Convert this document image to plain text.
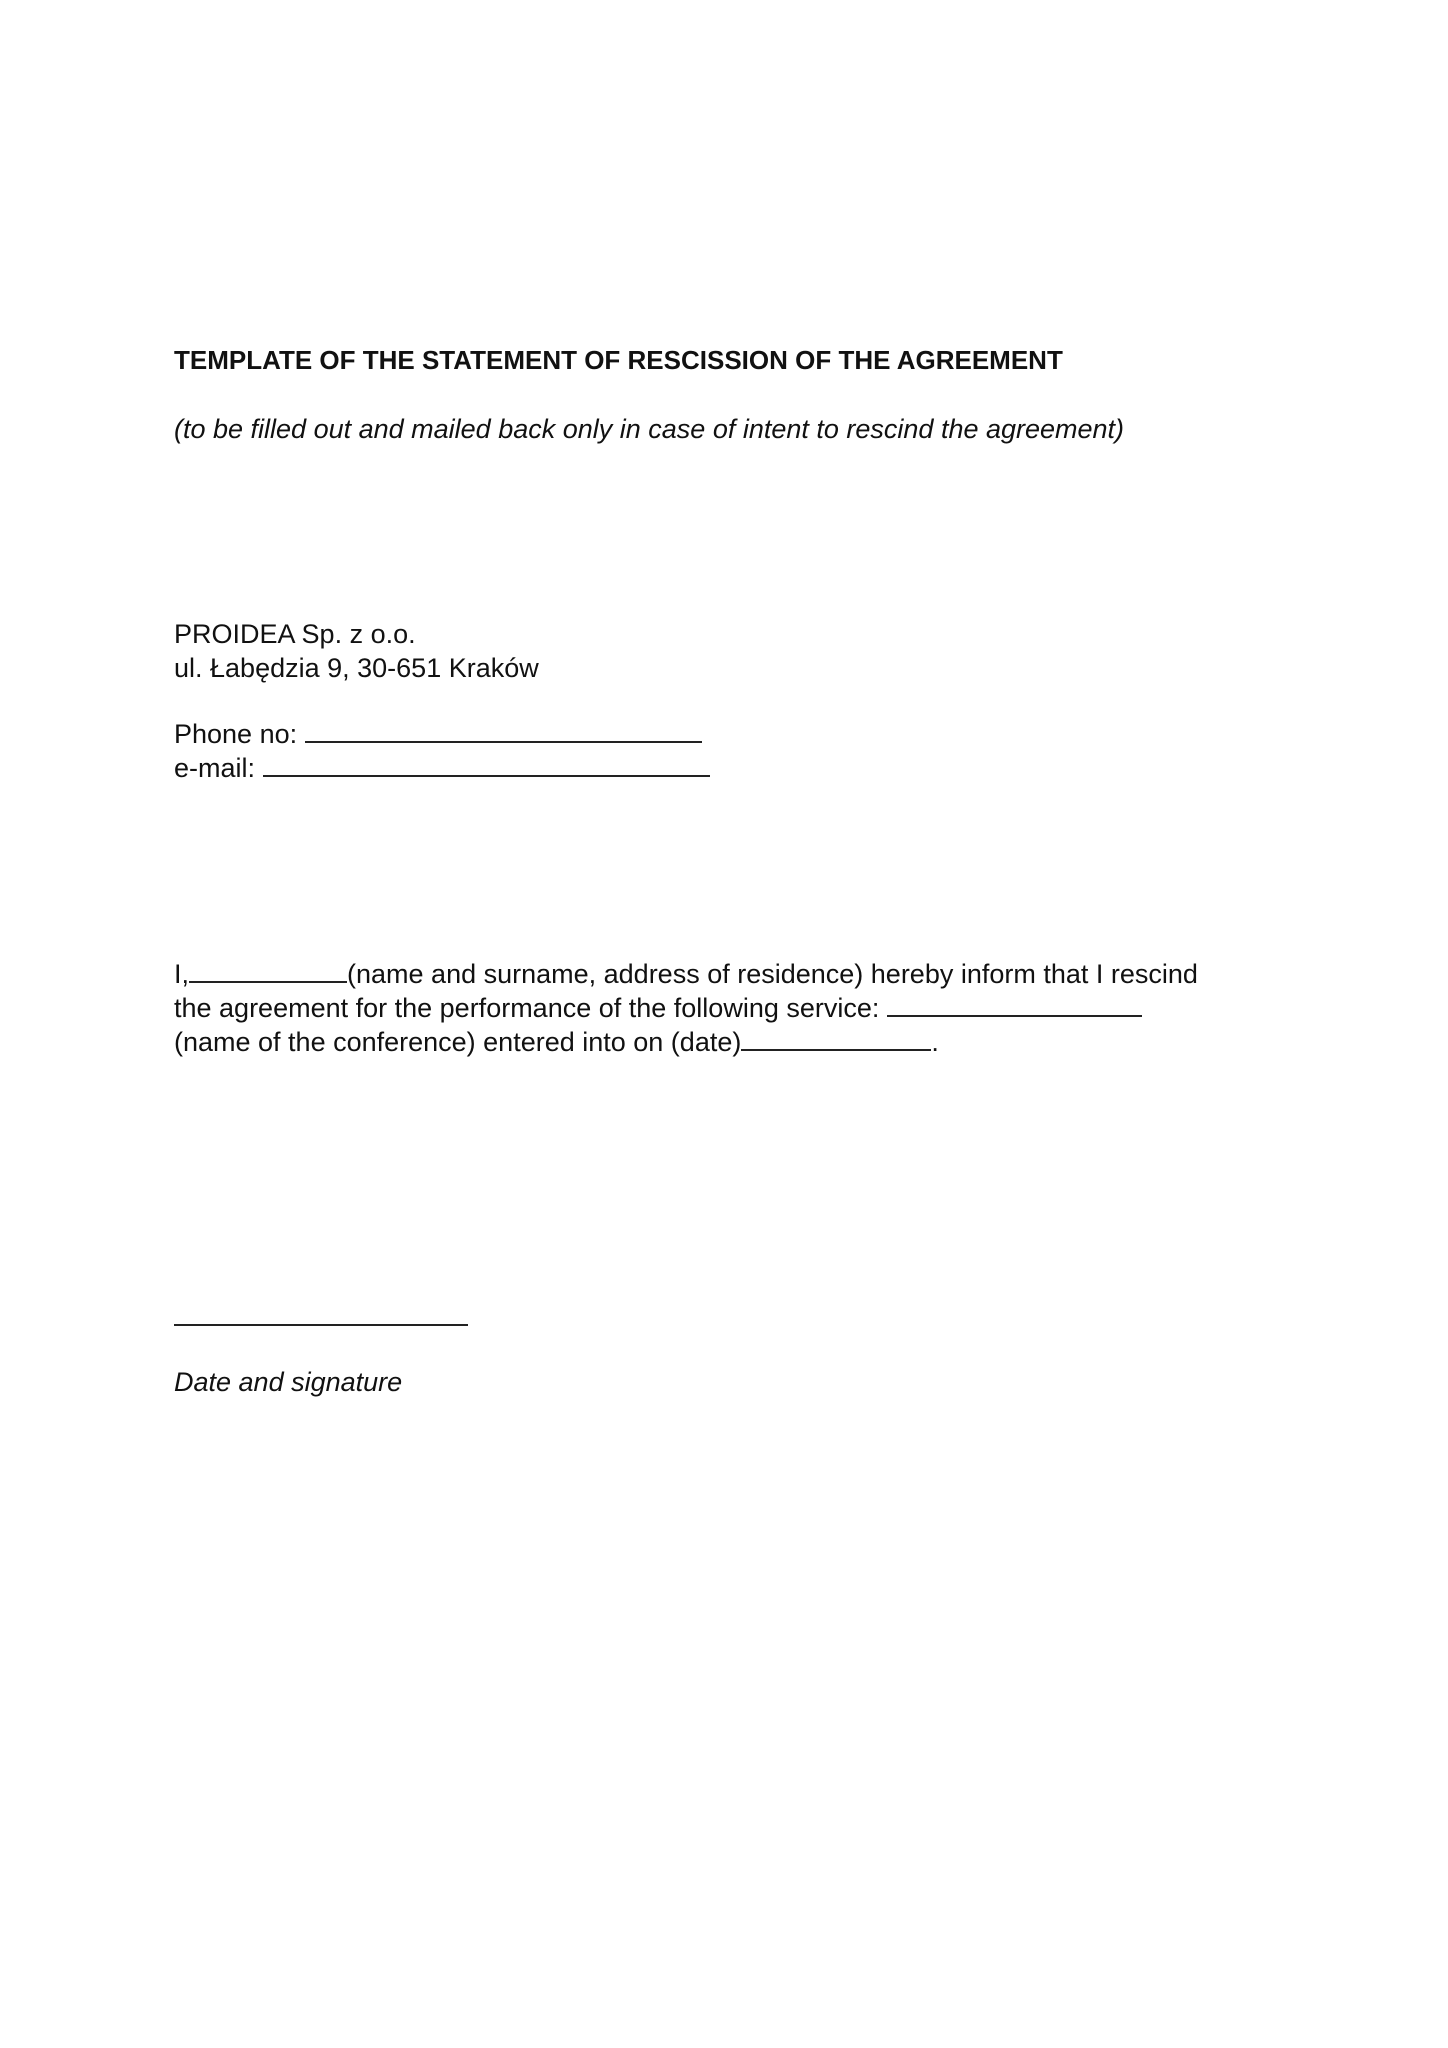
TEMPLATE OF THE STATEMENT OF RESCISSION OF THE AGREEMENT
(to be filled out and mailed back only in case of intent to rescind the agreement)
PROIDEA Sp. z o.o.
ul. Łabędzia 9, 30-651 Kraków
Phone no:
e-mail:
I,	(name and surname, address of residence) hereby inform that I rescind
the agreement for the performance of the following service:
(name of the conference) entered into on (date)	.
Date and signature
